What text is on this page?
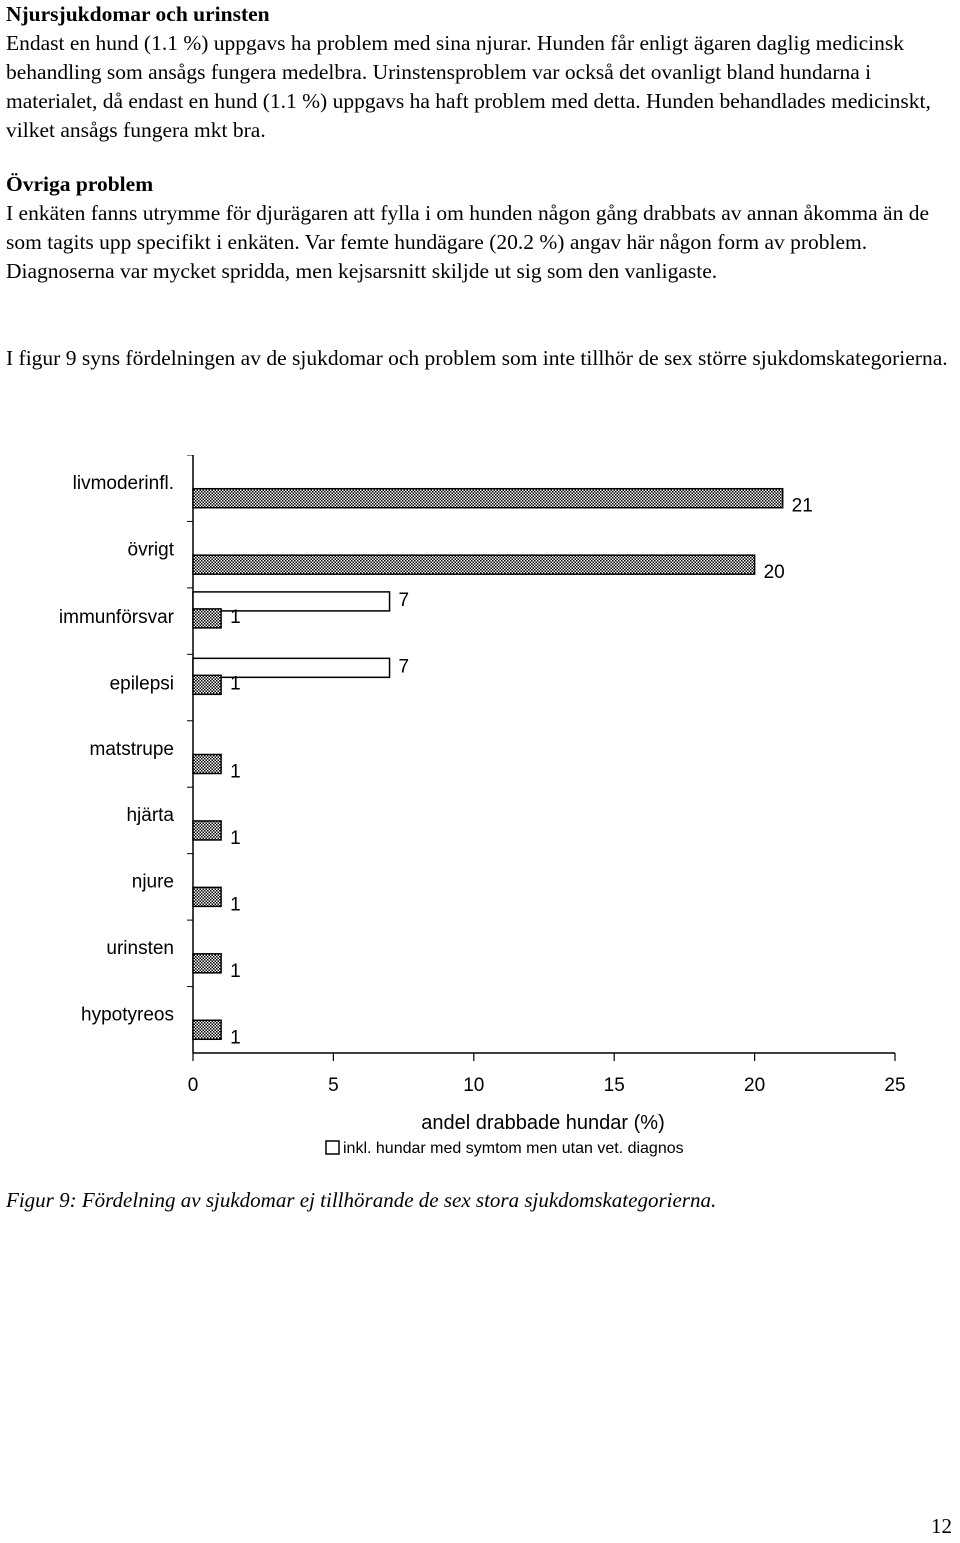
Njursjukdomar och urinsten
Endast en hund (1.1 %) uppgavs ha problem med sina njurar. Hunden får enligt ägaren daglig medicinsk behandling som ansågs fungera medelbra. Urinstensproblem var också det ovanligt bland hundarna i materialet, då endast en hund (1.1 %) uppgavs ha haft problem med detta. Hunden behandlades medicinskt, vilket ansågs fungera mkt bra.
Övriga problem
I enkäten fanns utrymme för djurägaren att fylla i om hunden någon gång drabbats av annan åkomma än de som tagits upp specifikt i enkäten. Var femte hundägare (20.2 %) angav här någon form av problem. Diagnoserna var mycket spridda, men kejsarsnitt skiljde ut sig som den vanligaste.
I figur 9 syns fördelningen av de sjukdomar och problem som inte tillhör de sex större sjukdomskategorierna.
0	5	10	15	20	25
21
livmoderinfl.
20
övrigt
7
1
immunförsvar
7
1
epilepsi
1
matstrupe
1
hjärta
1
njure
1
urinsten
1
hypotyreos
andel drabbade hundar (%)
inkl. hundar med symtom men utan vet. diagnos
Figur 9: Fördelning av sjukdomar ej tillhörande de sex stora sjukdomskategorierna.
12
